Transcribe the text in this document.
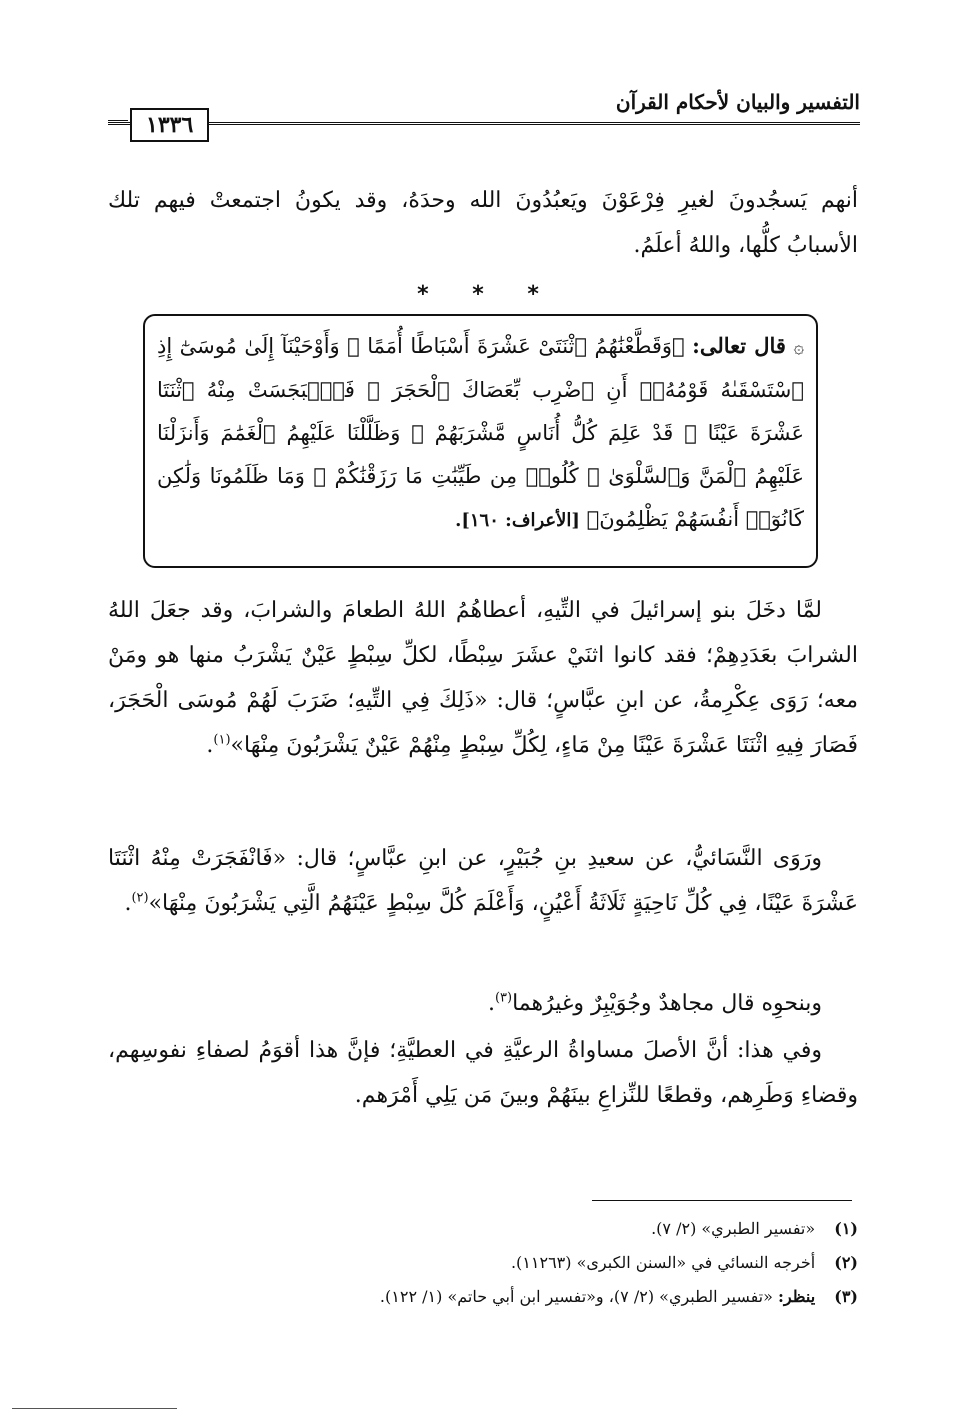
التفسير والبيان لأحكام القرآن
١٣٣٦

أنهم يَسجُدونَ لغيرِ فِرْعَوْنَ ويَعبُدُونَ الله وحدَهُ، وقد يكونُ اجتمعتْ فيهم تلك الأسبابُ كلُّها، واللهُ أعلَمُ.

* * *
۞ قال تعالى: ﴿وَقَطَّعْنَٰهُمُ ٱثْنَتَىْ عَشْرَةَ أَسْبَاطًا أُمَمًا ۚ وَأَوْحَيْنَآ إِلَىٰ مُوسَىٰٓ إِذِ ٱسْتَسْقَىٰهُ قَوْمُهُۥٓ أَنِ ٱضْرِب بِّعَصَاكَ ٱلْحَجَرَ ۖ فَٱنۢبَجَسَتْ مِنْهُ ٱثْنَتَا عَشْرَةَ عَيْنًا ۖ قَدْ عَلِمَ كُلُّ أُنَاسٍ مَّشْرَبَهُمْ ۚ وَظَلَّلْنَا عَلَيْهِمُ ٱلْغَمَٰمَ وَأَنزَلْنَا عَلَيْهِمُ ٱلْمَنَّ وَٱلسَّلْوَىٰ ۖ كُلُوا۟ مِن طَيِّبَٰتِ مَا رَزَقْنَٰكُمْ ۚ وَمَا ظَلَمُونَا وَلَٰكِن كَانُوٓا۟ أَنفُسَهُمْ يَظْلِمُونَ﴾ [الأعراف: ١٦٠].

لمَّا دخَلَ بنو إسرائيلَ في التِّيهِ، أعطاهُمُ اللهُ الطعامَ والشرابَ، وقد جعَلَ اللهُ الشرابَ بعَدَدِهِمْ؛ فقد كانوا اثنَيْ عشَرَ سِبْطًا، لكلِّ سِبْطٍ عَيْنٌ يَشْرَبُ منها هو ومَنْ معه؛ رَوَى عِكْرِمةُ، عن ابنِ عبَّاسٍ؛ قال: «ذَلِكَ فِي التِّيهِ؛ ضَرَبَ لَهُمْ مُوسَى الْحَجَرَ، فَصَارَ فِيهِ اثْنَتَا عَشْرَةَ عَيْنًا مِنْ مَاءٍ، لِكُلِّ سِبْطٍ مِنْهُمْ عَيْنٌ يَشْرَبُونَ مِنْهَا»$^{(١)}$.

ورَوَى النَّسَائيُّ، عن سعيدِ بنِ جُبَيْرٍ، عن ابنِ عبَّاسٍ؛ قال: «فَانْفَجَرَتْ مِنْهُ اثْنَتَا عَشْرَةَ عَيْنًا، فِي كُلِّ نَاحِيَةٍ ثَلَاثَةُ أَعْيُنٍ، وَأَعْلَمَ كُلَّ سِبْطٍ عَيْنَهُمُ الَّتِي يَشْرَبُونَ مِنْهَا»$^{(٢)}$.

وبنحوِه قال مجاهدٌ وجُوَيْبِرٌ وغيرُهما$^{(٣)}$.

وفي هذا: أنَّ الأصلَ مساواةُ الرعيَّةِ في العطيَّةِ؛ فإنَّ هذا أقوَمُ لصفاءِ نفوسِهم، وقضاءِ وَطَرِهم، وقطعًا للنِّزاعِ بينَهُمْ وبينَ مَن يَلِي أَمْرَهم.

(١) «تفسير الطبري» (٢/ ٧).
(٢) أخرجه النسائي في «السنن الكبرى» (١١٢٦٣).
(٣) ينظر: «تفسير الطبري» (٢/ ٧)، و«تفسير ابن أبي حاتم» (١/ ١٢٢).
